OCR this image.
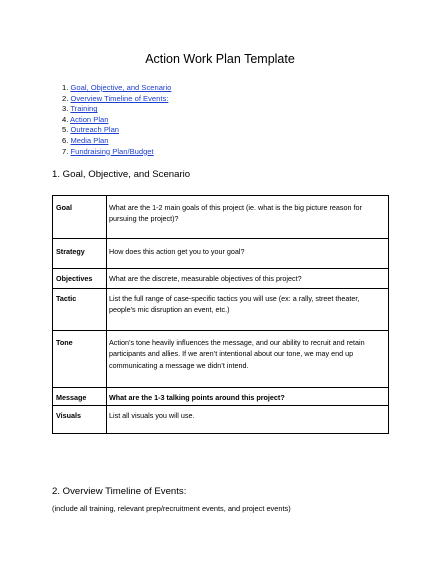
Action Work Plan Template
1. Goal, Objective, and Scenario
2. Overview Timeline of Events:
3. Training
4. Action Plan
5. Outreach Plan
6. Media Plan
7. Fundraising Plan/Budget
1. Goal, Objective, and Scenario
Goal	What are the 1-2 main goals of this project (ie. what is the big picture reason for pursuing the project)?
Strategy	How does this action get you to your goal?
Objectives	What are the discrete, measurable objectives of this project?
Tactic	List the full range of case-specific tactics you will use (ex: a rally, street theater, people’s mic disruption an event, etc.)
Tone	Action’s tone heavily influences the message, and our ability to recruit and retain participants and allies. If we aren’t intentional about our tone, we may end up communicating a message we didn’t intend.
Message	What are the 1-3 talking points around this project?
Visuals	List all visuals you will use.
2. Overview Timeline of Events:
(include all training, relevant prep/recruitment events, and project events)
